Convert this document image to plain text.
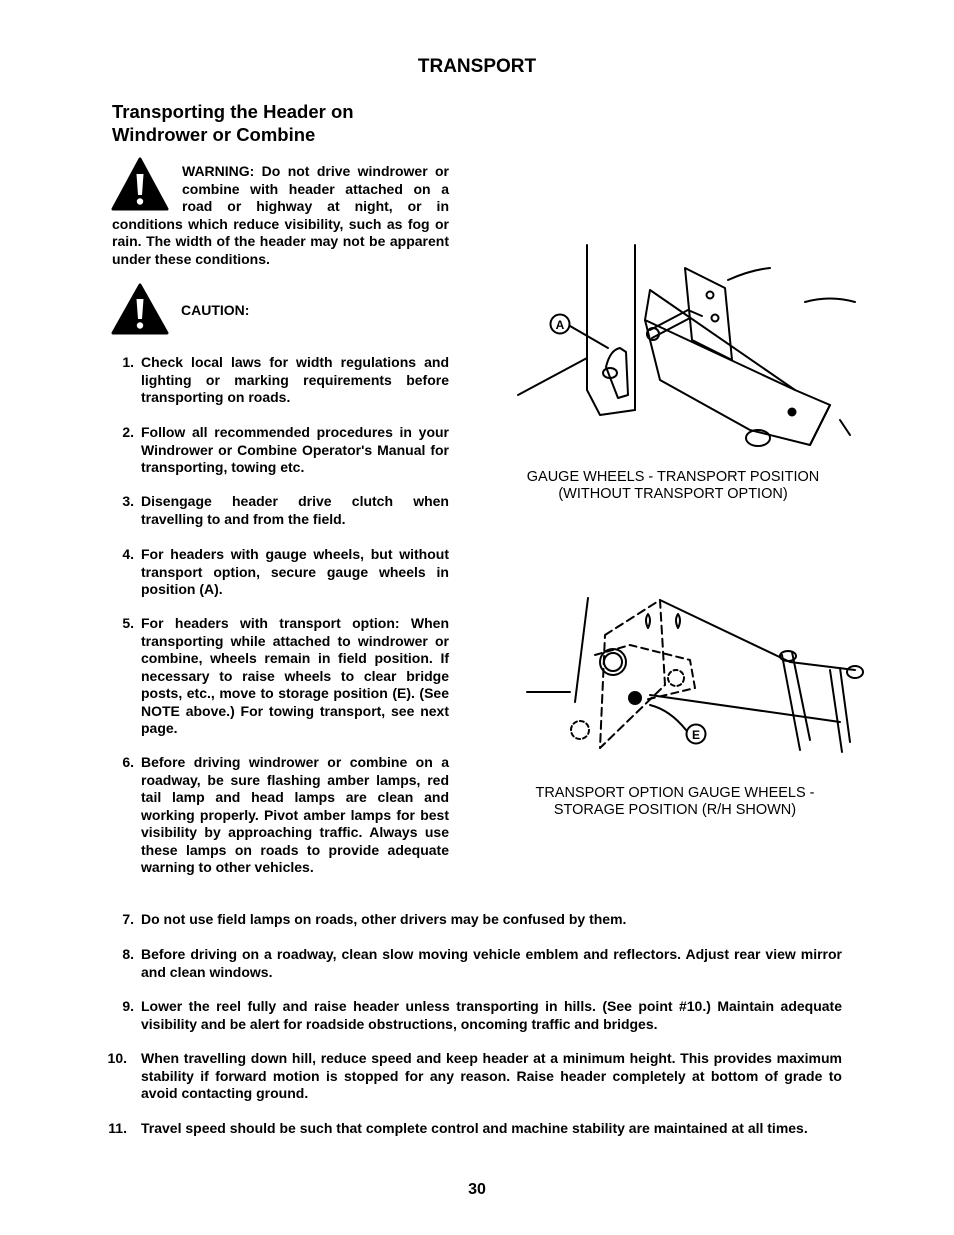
TRANSPORT
Transporting the Header on
Windrower or Combine
WARNING: Do not drive windrower or combine with header attached on a road or highway at night, or in conditions which reduce visibility, such as fog or rain. The width of the header may not be apparent under these conditions.
CAUTION:
1. Check local laws for width regulations and lighting or marking requirements before transporting on roads.
2. Follow all recommended procedures in your Windrower or Combine Operator's Manual for transporting, towing etc.
3. Disengage header drive clutch when travelling to and from the field.
4. For headers with gauge wheels, but without transport option, secure gauge wheels in position (A).
5. For headers with transport option: When transporting while attached to windrower or combine, wheels remain in field position. If necessary to raise wheels to clear bridge posts, etc., move to storage position (E). (See NOTE above.) For towing transport, see next page.
6. Before driving windrower or combine on a roadway, be sure flashing amber lamps, red tail lamp and head lamps are clean and working properly. Pivot amber lamps for best visibility by approaching traffic. Always use these lamps on roads to provide adequate warning to other vehicles.
7. Do not use field lamps on roads, other drivers may be confused by them.
8. Before driving on a roadway, clean slow moving vehicle emblem and reflectors. Adjust rear view mirror and clean windows.
9. Lower the reel fully and raise header unless transporting in hills. (See point #10.) Maintain adequate visibility and be alert for roadside obstructions, oncoming traffic and bridges.
10. When travelling down hill, reduce speed and keep header at a minimum height. This provides maximum stability if forward motion is stopped for any reason. Raise header completely at bottom of grade to avoid contacting ground.
11. Travel speed should be such that complete control and machine stability are maintained at all times.
A
GAUGE WHEELS - TRANSPORT POSITION
(WITHOUT TRANSPORT OPTION)
E
TRANSPORT OPTION GAUGE WHEELS -
STORAGE POSITION (R/H SHOWN)
30
